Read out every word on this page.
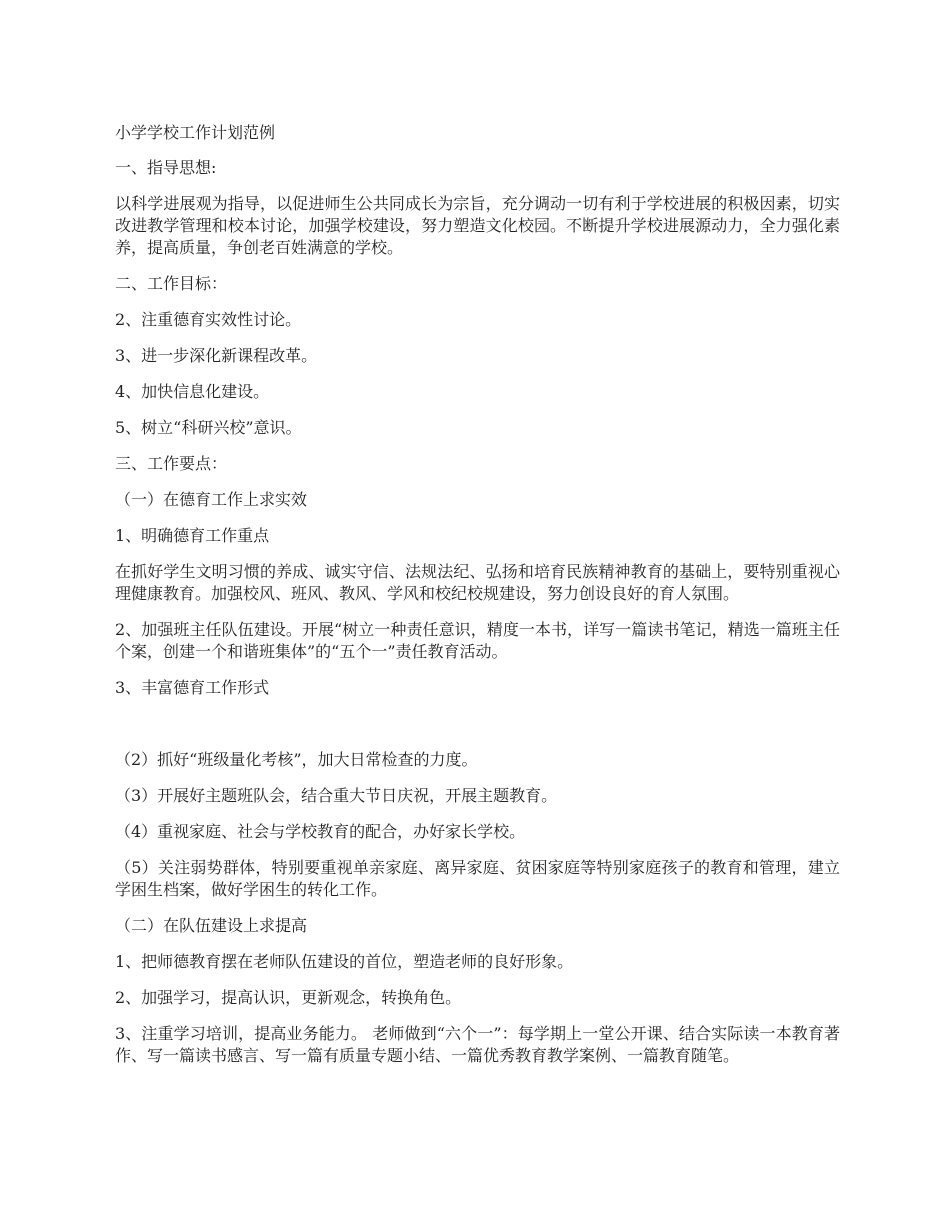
小学学校工作计划范例
一、指导思想:
以科学进展观为指导，以促进师生公共同成长为宗旨，充分调动一切有利于学校进展的积极因素，切实改进教学管理和校本讨论，加强学校建设，努力塑造文化校园。不断提升学校进展源动力，全力强化素养，提高质量，争创老百姓满意的学校。
二、工作目标：
2、注重德育实效性讨论。
3、进一步深化新课程改革。
4、加快信息化建设。
5、树立“科研兴校”意识。
三、工作要点：
（一）在德育工作上求实效
1、明确德育工作重点
在抓好学生文明习惯的养成、诚实守信、法规法纪、弘扬和培育民族精神教育的基础上，要特别重视心理健康教育。加强校风、班风、教风、学风和校纪校规建设，努力创设良好的育人氛围。
2、加强班主任队伍建设。开展“树立一种责任意识，精度一本书，详写一篇读书笔记，精选一篇班主任个案，创建一个和谐班集体”的“五个一”责任教育活动。
3、丰富德育工作形式
（2）抓好“班级量化考核”，加大日常检查的力度。
（3）开展好主题班队会，结合重大节日庆祝，开展主题教育。
（4）重视家庭、社会与学校教育的配合，办好家长学校。
（5）关注弱势群体，特别要重视单亲家庭、离异家庭、贫困家庭等特别家庭孩子的教育和管理，建立学困生档案，做好学困生的转化工作。
（二）在队伍建设上求提高
1、把师德教育摆在老师队伍建设的首位，塑造老师的良好形象。
2、加强学习，提高认识，更新观念，转换角色。
3、注重学习培训，提高业务能力。 老师做到“六个一”：每学期上一堂公开课、结合实际读一本教育著作、写一篇读书感言、写一篇有质量专题小结、一篇优秀教育教学案例、一篇教育随笔。
